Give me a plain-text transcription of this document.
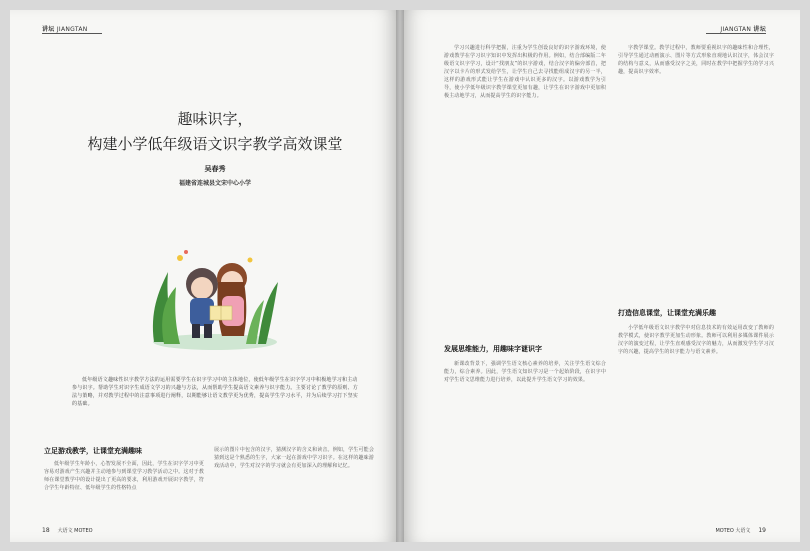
讲坛 JIANGTAN
趣味识字，
构建小学低年级语文识字教学高效课堂
吴春秀
福建省连城县文宋中心小学
低年级语文趣味性识字教学方法的运用需要学生在识字学习中的主体地位，使低年级学生在识字学习中积极地学习和主动参与识字。帮助学生对识字生成语文学习的兴趣与方法，从而帮助学生提高语文素养与识字能力。主要讨论了教学的原则、方法与策略，并对教学过程中的注意事项进行阐释，以期能够让语文教学更为优秀，提高学生学习水平，并为后续学习打下坚实的基础。
立足游戏教学，让课堂充满趣味
低年级学生年龄小，心智发展不全面，因此，学生在识字学习中更容易对游戏产生兴趣并主动地参与到课堂学习教学活动之中。这对于教师在课堂教学中的设计提出了更高的要求，利用游戏开展识字教学，符合学生年龄特征、低年级学生的性格特点
展示的图片中包含的汉字，猜测汉字的含义和读音。例如，学生可能会猜到这是个熟悉的生字，大家一起在游戏中学习识字。在这样的趣味游戏活动中，学生对汉字的学习就会有更加深入的理解和记忆。
18 大语文 MOTEO
JIANGTAN 讲坛
学习兴趣进行科学把握，注重为学生创设良好的识字游戏环境，使游戏教学在学习识字知识中发挥出积极的作用。例如，结合部编版二年级语文识字学习，设计“找朋友”的识字游戏，结合汉字的偏旁部首，把汉字以卡片的形式发给学生，让学生自己去寻找能组成汉字的另一半，这样的游戏形式能让学生在游戏中认识更多的汉字。以游戏教学为引导，使小学低年级识字教学课堂更加有趣，让学生在识字游戏中更加积极主动地学习，从而提高学生的识字能力。
发展思维能力，用趣味字谜识字
新课改背景下，强调学生语文核心素养的培养，关注学生语文综合能力，综合素养。因此，学生语文知识学习是一个起始阶段，在识字中对学生语文思维能力进行培养，以此提升学生语文学习的效果。
字教学课堂。教学过程中，教师要重视识字的趣味性和合理性，引导学生通过动画演示、图片等方式形象直观地认识汉字，体会汉字的结构与意义，从而感受汉字之美，同时在教学中把握学生的学习兴趣，提高识字效率。
打造信息课堂，让课堂充满乐趣
小学低年级语文识字教学中对信息技术的有效运用改变了教师的教学模式，使识字教学更加生动形象。教师可以利用多媒体课件展示汉字的演变过程，让学生直观感受汉字的魅力，从而激发学生学习汉字的兴趣，提高学生的识字能力与语文素养。
MOTEO 大语文 19
